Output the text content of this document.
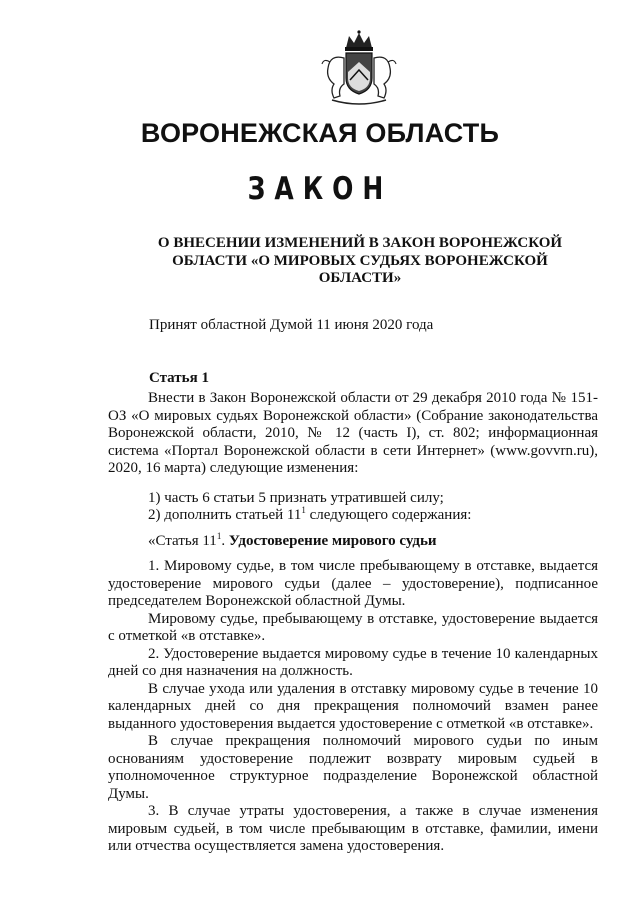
ВОРОНЕЖСКАЯ ОБЛАСТЬ
ЗАКОН
О ВНЕСЕНИИ ИЗМЕНЕНИЙ В ЗАКОН ВОРОНЕЖСКОЙ ОБЛАСТИ «О МИРОВЫХ СУДЬЯХ ВОРОНЕЖСКОЙ ОБЛАСТИ»
Принят областной Думой 11 июня 2020 года
Статья 1

Внести в Закон Воронежской области от 29 декабря 2010 года № 151-ОЗ «О мировых судьях Воронежской области» (Собрание законодательства Воронежской области, 2010, № 12 (часть I), ст. 802; информационная система «Портал Воронежской области в сети Интернет» (www.govvrn.ru), 2020, 16 марта) следующие изменения:

1) часть 6 статьи 5 признать утратившей силу;

2) дополнить статьей $11^1$ следующего содержания:

«Статья $11^1$. Удостоверение мирового судьи

1. Мировому судье, в том числе пребывающему в отставке, выдается удостоверение мирового судьи (далее – удостоверение), подписанное председателем Воронежской областной Думы.

Мировому судье, пребывающему в отставке, удостоверение выдается с отметкой «в отставке».

2. Удостоверение выдается мировому судье в течение 10 календарных дней со дня назначения на должность.

В случае ухода или удаления в отставку мировому судье в течение 10 календарных дней со дня прекращения полномочий взамен ранее выданного удостоверения выдается удостоверение с отметкой «в отставке».

В случае прекращения полномочий мирового судьи по иным основаниям удостоверение подлежит возврату мировым судьей в уполномоченное структурное подразделение Воронежской областной Думы.

3. В случае утраты удостоверения, а также в случае изменения мировым судьей, в том числе пребывающим в отставке, фамилии, имени или отчества осуществляется замена удостоверения.
